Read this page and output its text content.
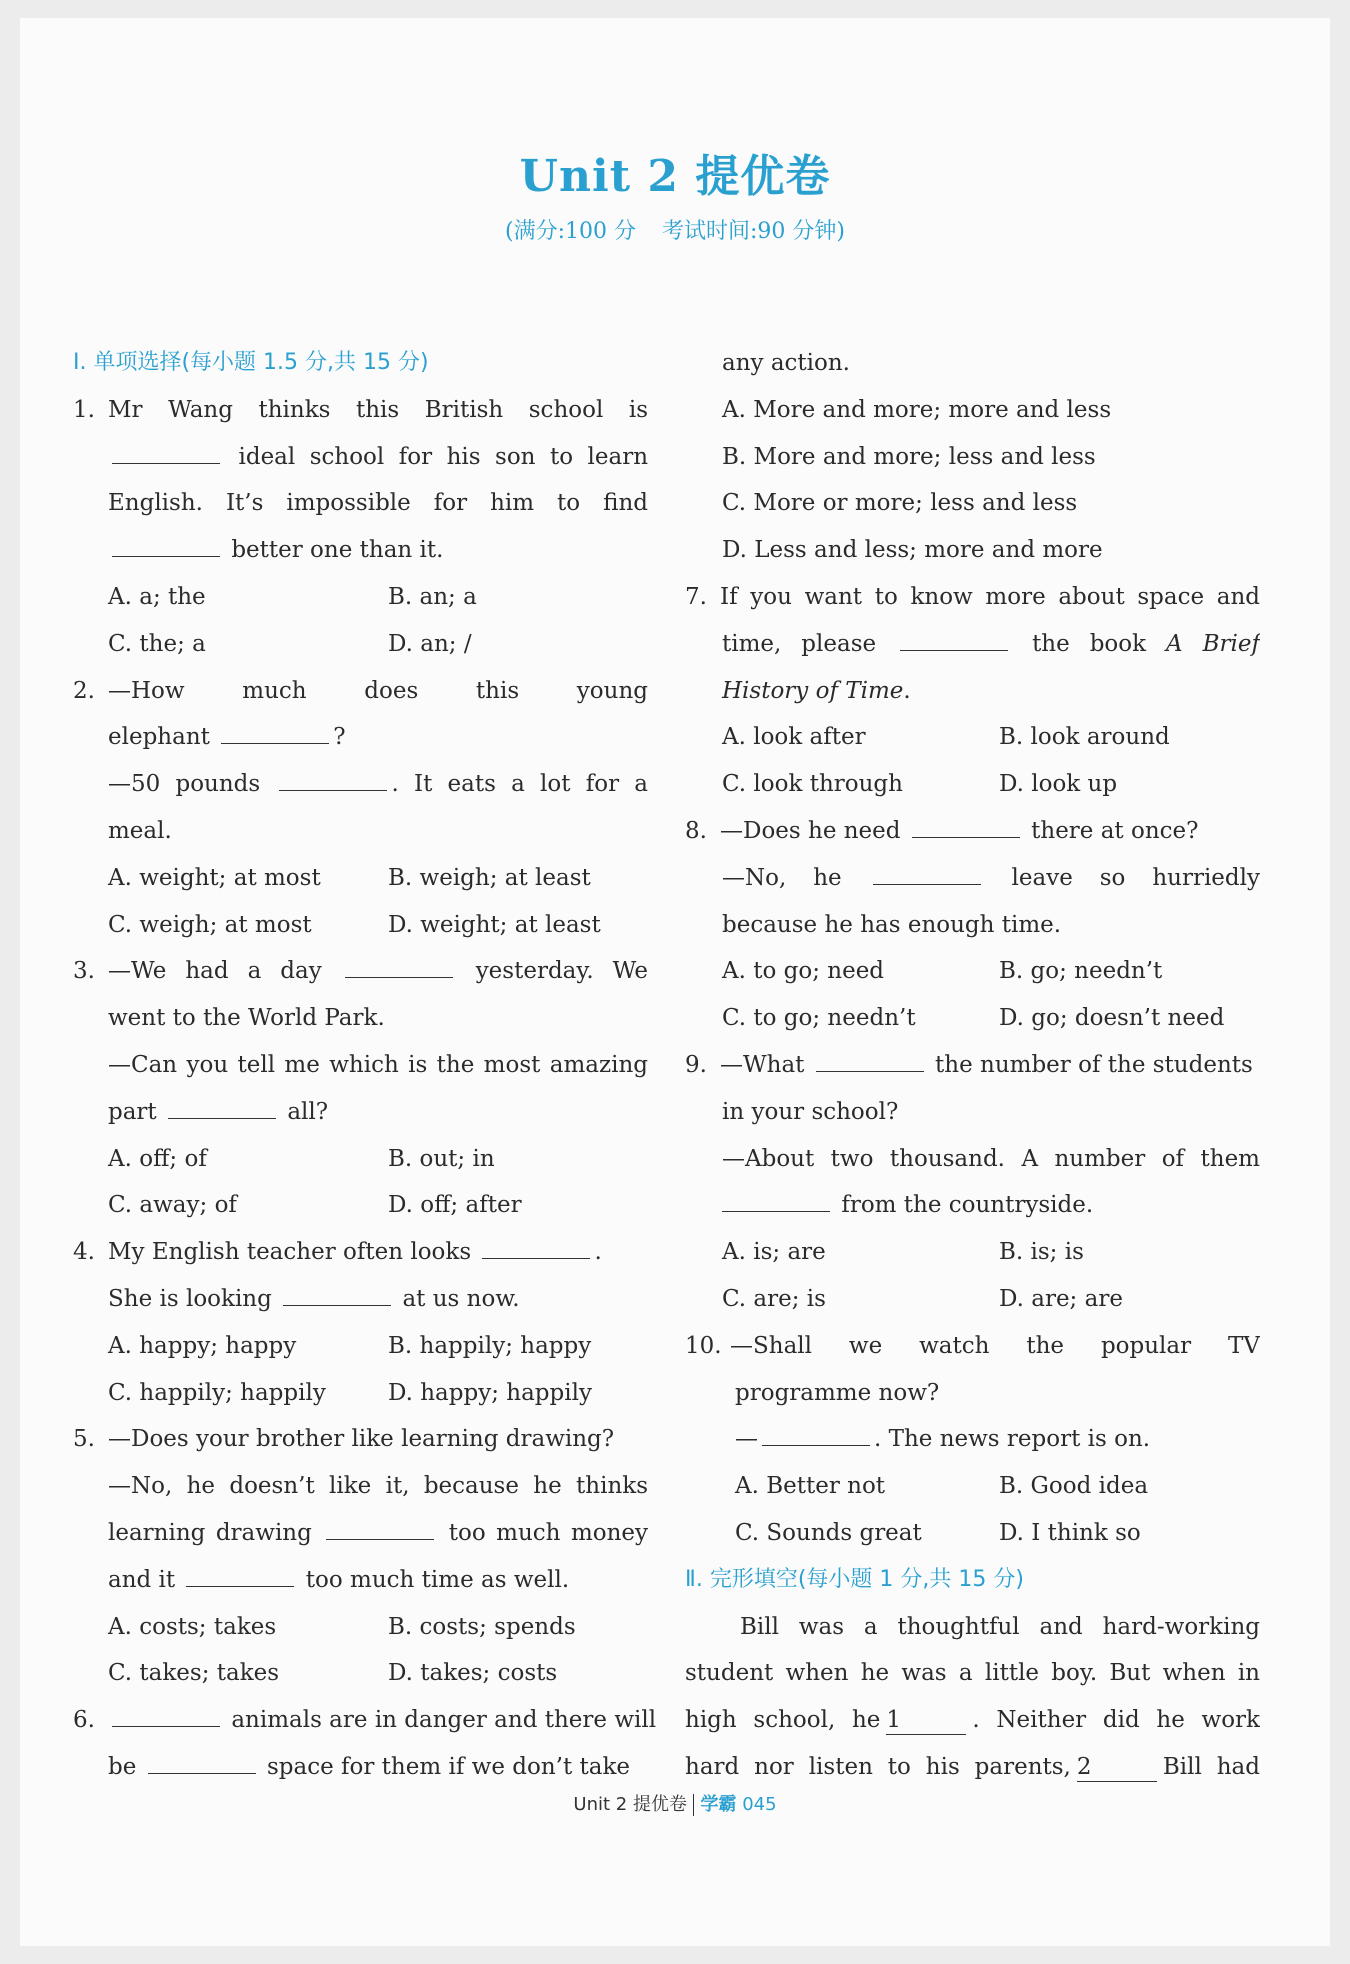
Unit 2 提优卷
(满分:100 分 考试时间:90 分钟)
Ⅰ. 单项选择(每小题 1.5 分,共 15 分)
1. Mr Wang thinks this British school is
ideal school for his son to learn
English. It’s impossible for him to find
better one than it.
A. a; the	B. an; a
C. the; a	D. an; /
2. —How much does this young
elephant	?
—50 pounds	. It eats a lot for a
meal.
A. weight; at most	B. weigh; at least
C. weigh; at most	D. weight; at least
3. —We had a day	yesterday. We
went to the World Park.
—Can you tell me which is the most amazing
part	all?
A. off; of	B. out; in
C. away; of	D. off; after
4. My English teacher often looks	.
She is looking	at us now.
A. happy; happy	B. happily; happy
C. happily; happily	D. happy; happily
5. —Does your brother like learning drawing?
—No, he doesn’t like it, because he thinks
learning drawing	too much money
and it	too much time as well.
A. costs; takes	B. costs; spends
C. takes; takes	D. takes; costs
6.	animals are in danger and there will
be	space for them if we don’t take
any action.
A. More and more; more and less
B. More and more; less and less
C. More or more; less and less
D. Less and less; more and more
7. If you want to know more about space and
time, please	the book A Brief
History of Time.
A. look after	B. look around
C. look through	D. look up
8. —Does he need	there at once?
—No, he	leave so hurriedly
because he has enough time.
A. to go; need	B. go; needn’t
C. to go; needn’t	D. go; doesn’t need
9. —What	the number of the students
in your school?
—About two thousand. A number of them
from the countryside.
A. is; are	B. is; is
C. are; is	D. are; are
10. —Shall we watch the popular TV
programme now?
—	. The news report is on.
A. Better not	B. Good idea
C. Sounds great	D. I think so
Ⅱ. 完形填空(每小题 1 分,共 15 分)
Bill was a thoughtful and hard-working
student when he was a little boy. But when in
high school, he 1	. Neither did he work
hard nor listen to his parents, 2	Bill had
Unit 2 提优卷 学霸 045
